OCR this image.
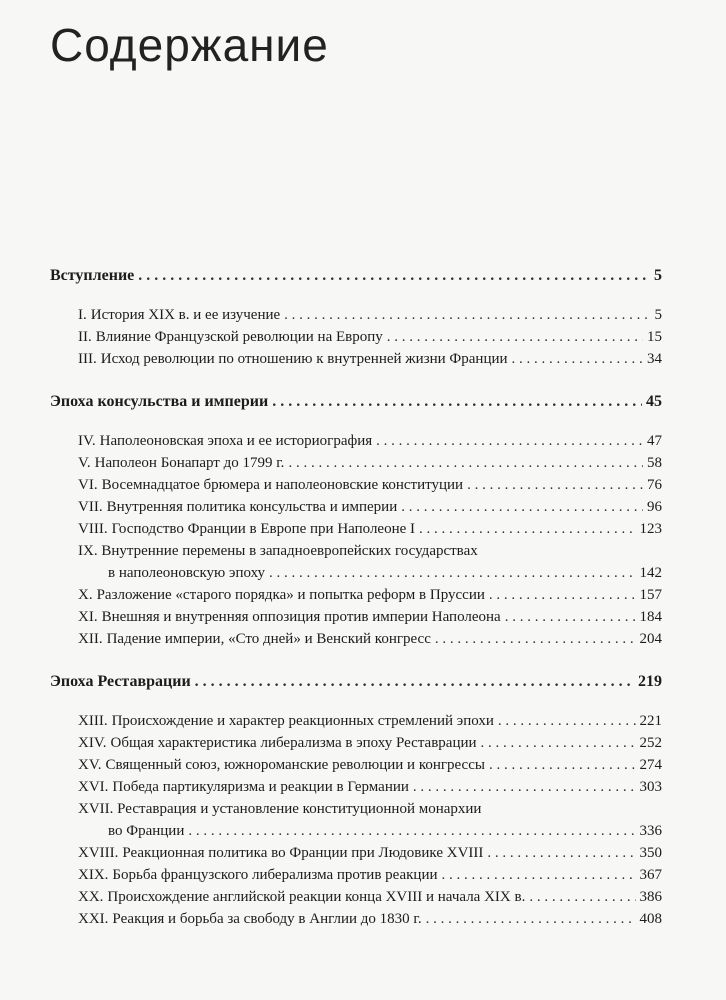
Содержание
Вступление . . .	5
I. История XIX в. и ее изучение . . .	5
II. Влияние Французской революции на Европу . . .	15
III. Исход революции по отношению к внутренней жизни Франции . . .	34
Эпоха консульства и империи . . .	45
IV. Наполеоновская эпоха и ее историография . . .	47
V. Наполеон Бонапарт до 1799 г. . . .	58
VI. Восемнадцатое брюмера и наполеоновские конституции . . .	76
VII. Внутренняя политика консульства и империи . . .	96
VIII. Господство Франции в Европе при Наполеоне I . . .	123
IX. Внутренние перемены в западноевропейских государствах
в наполеоновскую эпоху . . .	142
X. Разложение «старого порядка» и попытка реформ в Пруссии . . .	157
XI. Внешняя и внутренняя оппозиция против империи Наполеона . . .	184
XII. Падение империи, «Сто дней» и Венский конгресс . . .	204
Эпоха Реставрации . . .	219
XIII. Происхождение и характер реакционных стремлений эпохи . . .	221
XIV. Общая характеристика либерализма в эпоху Реставрации . . .	252
XV. Священный союз, южнороманские революции и конгрессы . . .	274
XVI. Победа партикуляризма и реакции в Германии . . .	303
XVII. Реставрация и установление конституционной монархии
во Франции . . .	336
XVIII. Реакционная политика во Франции при Людовике XVIII . . .	350
XIX. Борьба французского либерализма против реакции . . .	367
XX. Происхождение английской реакции конца XVIII и начала XIX в. . . .	386
XXI. Реакция и борьба за свободу в Англии до 1830 г. . . .	408
